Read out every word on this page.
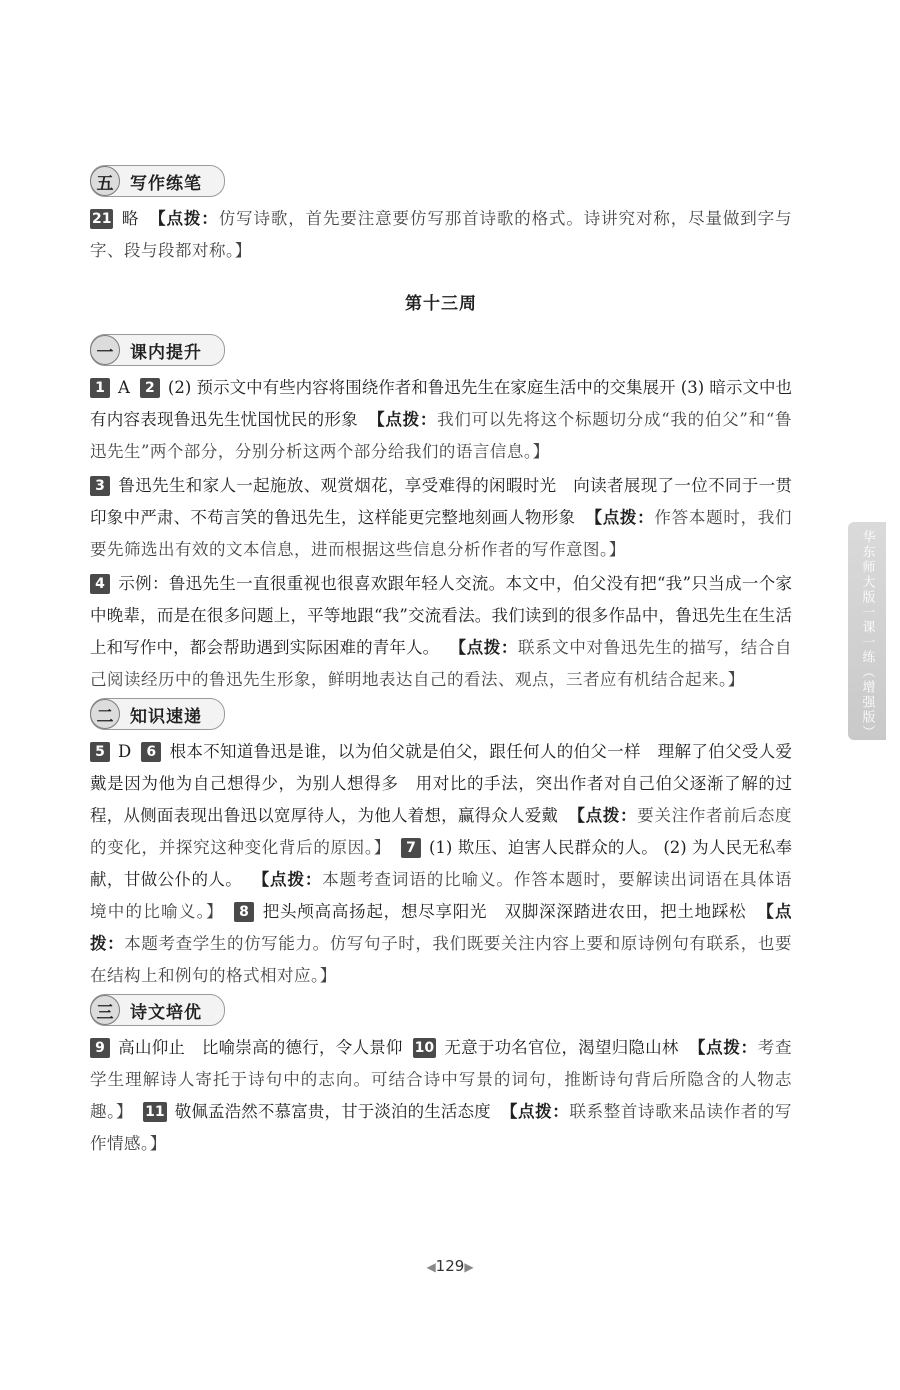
五 写作练笔

21 略 【点拨：仿写诗歌，首先要注意要仿写那首诗歌的格式。诗讲究对称，尽量做到字与字、段与段都对称。】

第十三周
一 课内提升

1 A 2 (2) 预示文中有些内容将围绕作者和鲁迅先生在家庭生活中的交集展开 (3) 暗示文中也有内容表现鲁迅先生忧国忧民的形象 【点拨：我们可以先将这个标题切分成“我的伯父”和“鲁迅先生”两个部分，分别分析这两个部分给我们的语言信息。】

3 鲁迅先生和家人一起施放、观赏烟花，享受难得的闲暇时光　向读者展现了一位不同于一贯印象中严肃、不苟言笑的鲁迅先生，这样能更完整地刻画人物形象 【点拨：作答本题时，我们要先筛选出有效的文本信息，进而根据这些信息分析作者的写作意图。】

4 示例：鲁迅先生一直很重视也很喜欢跟年轻人交流。本文中，伯父没有把“我”只当成一个家中晚辈，而是在很多问题上，平等地跟“我”交流看法。我们读到的很多作品中，鲁迅先生在生活上和写作中，都会帮助遇到实际困难的青年人。 【点拨：联系文中对鲁迅先生的描写，结合自己阅读经历中的鲁迅先生形象，鲜明地表达自己的看法、观点，三者应有机结合起来。】

二 知识速递

5 D 6 根本不知道鲁迅是谁，以为伯父就是伯父，跟任何人的伯父一样　理解了伯父受人爱戴是因为他为自己想得少，为别人想得多　用对比的手法，突出作者对自己伯父逐渐了解的过程，从侧面表现出鲁迅以宽厚待人，为他人着想，赢得众人爱戴 【点拨：要关注作者前后态度的变化，并探究这种变化背后的原因。】 7 (1) 欺压、迫害人民群众的人。 (2) 为人民无私奉献，甘做公仆的人。 【点拨：本题考查词语的比喻义。作答本题时，要解读出词语在具体语境中的比喻义。】 8 把头颅高高扬起，想尽享阳光　双脚深深踏进农田，把土地踩松 【点拨：本题考查学生的仿写能力。仿写句子时，我们既要关注内容上要和原诗例句有联系，也要在结构上和例句的格式相对应。】

三 诗文培优

9 高山仰止　比喻崇高的德行，令人景仰 10 无意于功名官位，渴望归隐山林 【点拨：考查学生理解诗人寄托于诗句中的志向。可结合诗中写景的词句，推断诗句背后所隐含的人物志趣。】 11 敬佩孟浩然不慕富贵，甘于淡泊的生活态度 【点拨：联系整首诗歌来品读作者的写作情感。】

华东师大版一课一练（增强版）
◀129▶
